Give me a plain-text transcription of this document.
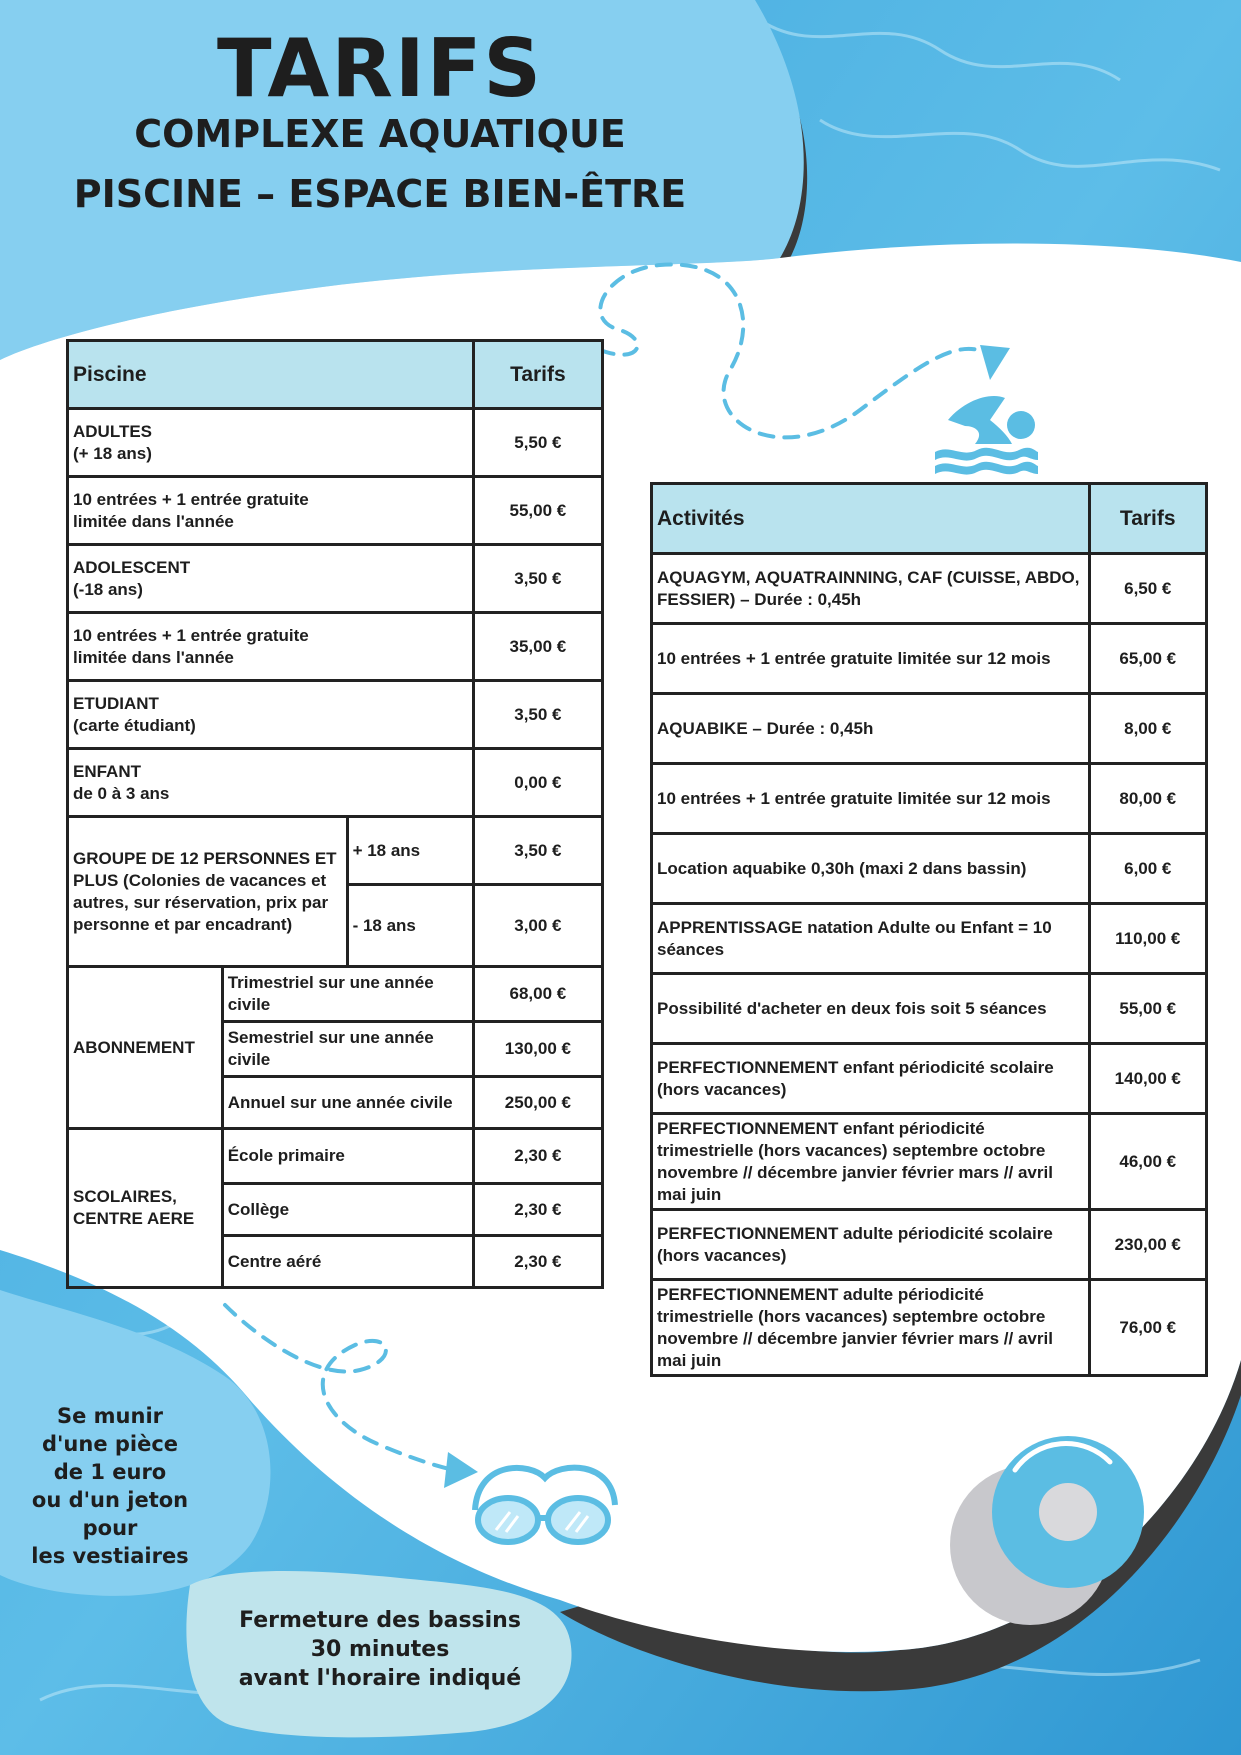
TARIFS
COMPLEXE AQUATIQUE
PISCINE – ESPACE BIEN-ÊTRE
Piscine			Tarifs

ADULTES
(+ 18 ans)			5,50 €

10 entrées + 1 entrée gratuite
limitée dans l'année			55,00 €

ADOLESCENT
(-18 ans)			3,50 €

10 entrées + 1 entrée gratuite
limitée dans l'année			35,00 €

ETUDIANT
(carte étudiant)			3,50 €

ENFANT
de 0 à 3 ans			0,00 €
GROUPE DE 12 PERSONNES ET PLUS (Colonies de vacances et autres, sur réservation, prix par personne et par encadrant)		+ 18 ans	3,50 €
		- 18 ans	3,00 €
ABONNEMENT	Trimestriel sur une année civile		68,00 €
	Semestriel sur une année civile		130,00 €
	Annuel sur une année civile		250,00 €
SCOLAIRES, CENTRE AERE	École primaire		2,30 €
	Collège		2,30 €
	Centre aéré		2,30 €
Activités	Tarifs
AQUAGYM, AQUATRAINNING, CAF (CUISSE, ABDO, FESSIER) – Durée : 0,45h	6,50 €
10 entrées + 1 entrée gratuite limitée sur 12 mois	65,00 €
AQUABIKE – Durée : 0,45h	8,00 €
10 entrées + 1 entrée gratuite limitée sur 12 mois	80,00 €
Location aquabike 0,30h (maxi 2 dans bassin)	6,00 €
APPRENTISSAGE natation Adulte ou Enfant = 10 séances	110,00 €
Possibilité d'acheter en deux fois soit 5 séances	55,00 €
PERFECTIONNEMENT enfant périodicité scolaire (hors vacances)	140,00 €
PERFECTIONNEMENT enfant périodicité trimestrielle (hors vacances) septembre octobre novembre // décembre janvier février mars // avril mai juin	46,00 €
PERFECTIONNEMENT adulte périodicité scolaire (hors vacances)	230,00 €
PERFECTIONNEMENT adulte périodicité trimestrielle (hors vacances) septembre octobre novembre // décembre janvier février mars // avril mai juin	76,00 €
Se munir
d'une pièce
de 1 euro
ou d'un jeton
pour
les vestiaires
Fermeture des bassins
30 minutes
avant l'horaire indiqué
